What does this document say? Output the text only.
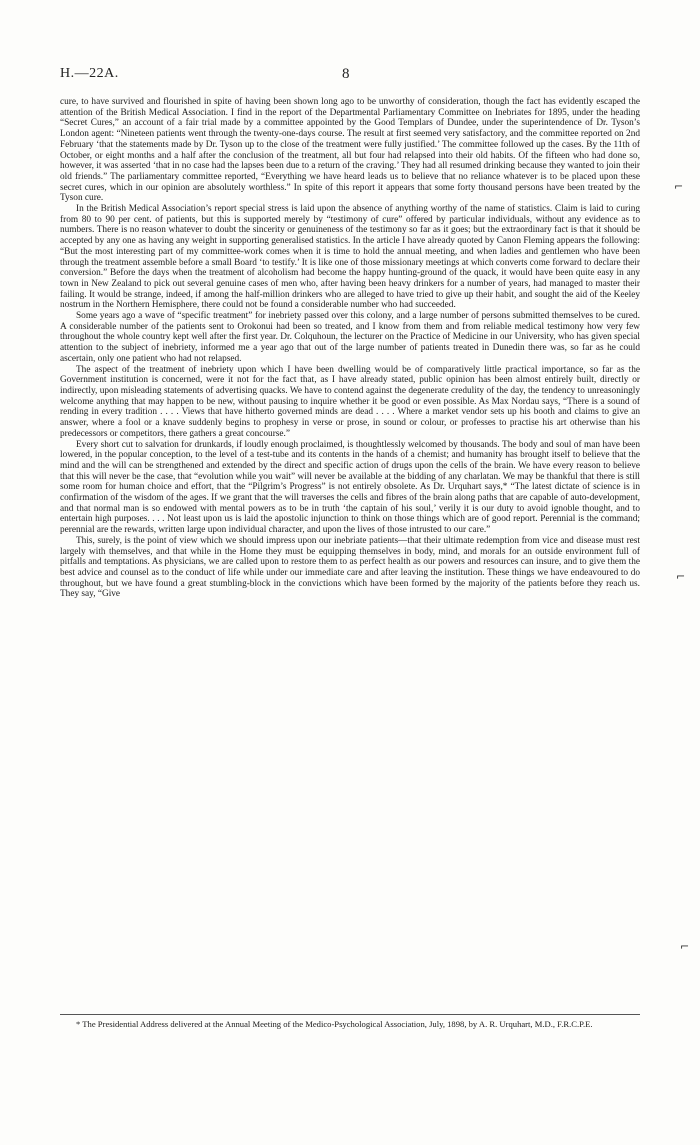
H.—22A.	8

cure, to have survived and flourished in spite of having been shown long ago to be unworthy of consideration, though the fact has evidently escaped the attention of the British Medical Association. I find in the report of the Departmental Parliamentary Committee on Inebriates for 1895, under the heading “Secret Cures,” an account of a fair trial made by a committee appointed by the Good Templars of Dundee, under the superintendence of Dr. Tyson’s London agent: “Nineteen patients went through the twenty-one-days course. The result at first seemed very satisfactory, and the committee reported on 2nd February ‘that the statements made by Dr. Tyson up to the close of the treatment were fully justified.’ The committee followed up the cases. By the 11th of October, or eight months and a half after the conclusion of the treatment, all but four had relapsed into their old habits. Of the fifteen who had done so, however, it was asserted ‘that in no case had the lapses been due to a return of the craving.’ They had all resumed drinking because they wanted to join their old friends.” The parliamentary committee reported, “Everything we have heard leads us to believe that no reliance whatever is to be placed upon these secret cures, which in our opinion are absolutely worthless.” In spite of this report it appears that some forty thousand persons have been treated by the Tyson cure.

In the British Medical Association’s report special stress is laid upon the absence of anything worthy of the name of statistics. Claim is laid to curing from 80 to 90 per cent. of patients, but this is supported merely by “testimony of cure” offered by particular individuals, without any evidence as to numbers. There is no reason whatever to doubt the sincerity or genuineness of the testimony so far as it goes; but the extraordinary fact is that it should be accepted by any one as having any weight in supporting generalised statistics. In the article I have already quoted by Canon Fleming appears the following: “But the most interesting part of my committee-work comes when it is time to hold the annual meeting, and when ladies and gentlemen who have been through the treatment assemble before a small Board ‘to testify.’ It is like one of those missionary meetings at which converts come forward to declare their conversion.” Before the days when the treatment of alcoholism had become the happy hunting-ground of the quack, it would have been quite easy in any town in New Zealand to pick out several genuine cases of men who, after having been heavy drinkers for a number of years, had managed to master their failing. It would be strange, indeed, if among the half-million drinkers who are alleged to have tried to give up their habit, and sought the aid of the Keeley nostrum in the Northern Hemisphere, there could not be found a considerable number who had succeeded.

Some years ago a wave of “specific treatment” for inebriety passed over this colony, and a large number of persons submitted themselves to be cured. A considerable number of the patients sent to Orokonui had been so treated, and I know from them and from reliable medical testimony how very few throughout the whole country kept well after the first year. Dr. Colquhoun, the lecturer on the Practice of Medicine in our University, who has given special attention to the subject of inebriety, informed me a year ago that out of the large number of patients treated in Dunedin there was, so far as he could ascertain, only one patient who had not relapsed.

The aspect of the treatment of inebriety upon which I have been dwelling would be of comparatively little practical importance, so far as the Government institution is concerned, were it not for the fact that, as I have already stated, public opinion has been almost entirely built, directly or indirectly, upon misleading statements of advertising quacks. We have to contend against the degenerate credulity of the day, the tendency to unreasoningly welcome anything that may happen to be new, without pausing to inquire whether it be good or even possible. As Max Nordau says, “There is a sound of rending in every tradition . . . . Views that have hitherto governed minds are dead . . . . Where a market vendor sets up his booth and claims to give an answer, where a fool or a knave suddenly begins to prophesy in verse or prose, in sound or colour, or professes to practise his art otherwise than his predecessors or competitors, there gathers a great concourse.”

Every short cut to salvation for drunkards, if loudly enough proclaimed, is thoughtlessly welcomed by thousands. The body and soul of man have been lowered, in the popular conception, to the level of a test-tube and its contents in the hands of a chemist; and humanity has brought itself to believe that the mind and the will can be strengthened and extended by the direct and specific action of drugs upon the cells of the brain. We have every reason to believe that this will never be the case, that “evolution while you wait” will never be available at the bidding of any charlatan. We may be thankful that there is still some room for human choice and effort, that the “Pilgrim’s Progress” is not entirely obsolete. As Dr. Urquhart says,* “The latest dictate of science is in confirmation of the wisdom of the ages. If we grant that the will traverses the cells and fibres of the brain along paths that are capable of auto-development, and that normal man is so endowed with mental powers as to be in truth ‘the captain of his soul,’ verily it is our duty to avoid ignoble thought, and to entertain high purposes. . . . Not least upon us is laid the apostolic injunction to think on those things which are of good report. Perennial is the command; perennial are the rewards, written large upon individual character, and upon the lives of those intrusted to our care.”

This, surely, is the point of view which we should impress upon our inebriate patients—that their ultimate redemption from vice and disease must rest largely with themselves, and that while in the Home they must be equipping themselves in body, mind, and morals for an outside environment full of pitfalls and temptations. As physicians, we are called upon to restore them to as perfect health as our powers and resources can insure, and to give them the best advice and counsel as to the conduct of life while under our immediate care and after leaving the institution. These things we have endeavoured to do throughout, but we have found a great stumbling-block in the convictions which have been formed by the majority of the patients before they reach us. They say, “Give

* The Presidential Address delivered at the Annual Meeting of the Medico-Psychological Association, July, 1898, by A. R. Urquhart, M.D., F.R.C.P.E.
⌐
⌐
⌐
